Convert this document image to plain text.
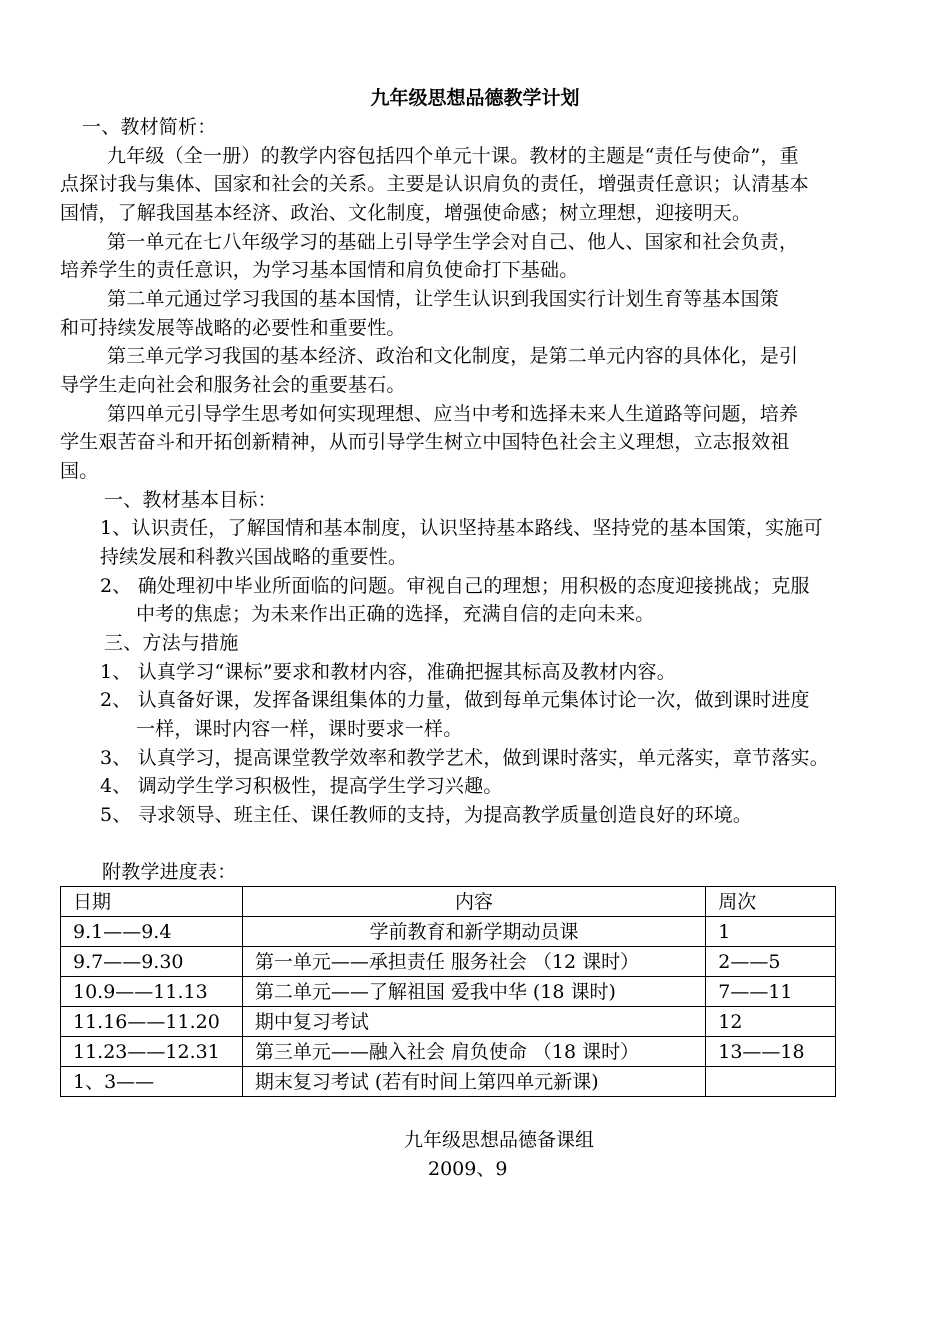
九年级思想品德教学计划
一、教材简析：
九年级（全一册）的教学内容包括四个单元十课。教材的主题是“责任与使命”，重
点探讨我与集体、国家和社会的关系。主要是认识肩负的责任，增强责任意识；认清基本
国情，了解我国基本经济、政治、文化制度，增强使命感；树立理想，迎接明天。
第一单元在七八年级学习的基础上引导学生学会对自己、他人、国家和社会负责，
培养学生的责任意识，为学习基本国情和肩负使命打下基础。
第二单元通过学习我国的基本国情，让学生认识到我国实行计划生育等基本国策
和可持续发展等战略的必要性和重要性。
第三单元学习我国的基本经济、政治和文化制度，是第二单元内容的具体化，是引
导学生走向社会和服务社会的重要基石。
第四单元引导学生思考如何实现理想、应当中考和选择未来人生道路等问题，培养
学生艰苦奋斗和开拓创新精神，从而引导学生树立中国特色社会主义理想，立志报效祖
国。
一、教材基本目标：
1、认识责任，了解国情和基本制度，认识坚持基本路线、坚持党的基本国策，实施可
持续发展和科教兴国战略的重要性。
2、 确处理初中毕业所面临的问题。审视自己的理想；用积极的态度迎接挑战；克服
中考的焦虑；为未来作出正确的选择，充满自信的走向未来。
三、方法与措施
1、 认真学习“课标”要求和教材内容，准确把握其标高及教材内容。
2、 认真备好课，发挥备课组集体的力量，做到每单元集体讨论一次，做到课时进度
一样，课时内容一样，课时要求一样。
3、 认真学习，提高课堂教学效率和教学艺术，做到课时落实，单元落实，章节落实。
4、 调动学生学习积极性，提高学生学习兴趣。
5、 寻求领导、班主任、课任教师的支持，为提高教学质量创造良好的环境。
附教学进度表：
日期	内容	周次
9.1——9.4	学前教育和新学期动员课	1
9.7——9.30	第一单元——承担责任 服务社会 （12 课时）	2——5
10.9——11.13	第二单元——了解祖国 爱我中华 (18 课时)	7——11
11.16——11.20	期中复习考试	12
11.23——12.31	第三单元——融入社会 肩负使命 （18 课时）	13——18
1、3——	期末复习考试 (若有时间上第四单元新课)	
九年级思想品德备课组
2009、9
